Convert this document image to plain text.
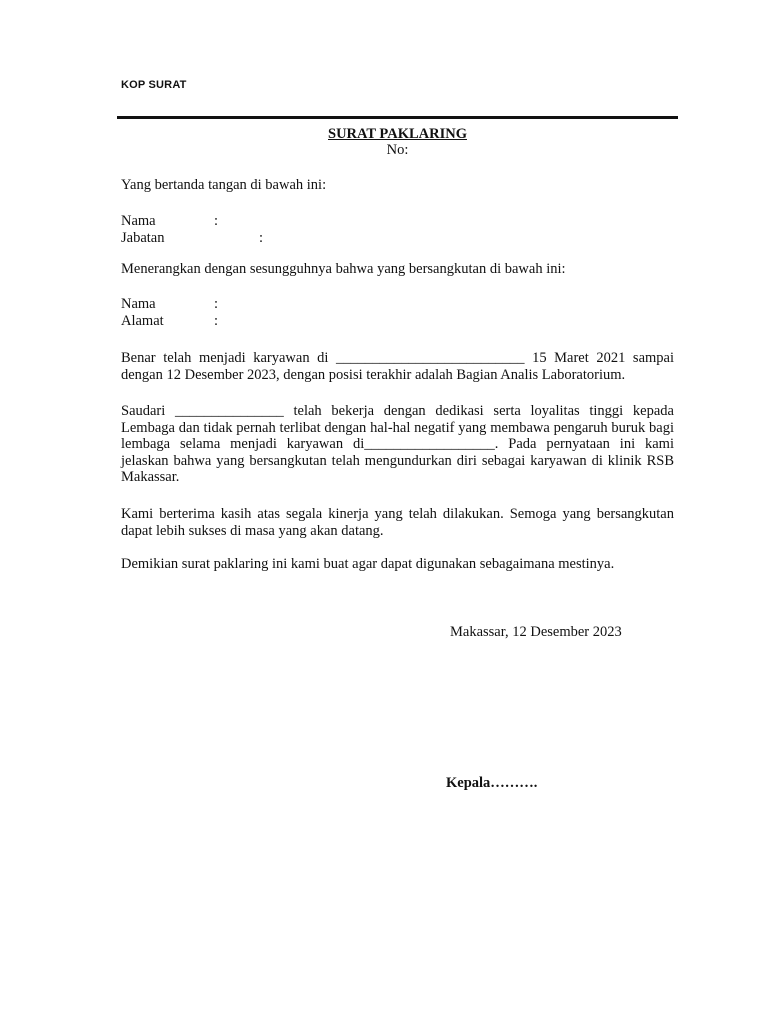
KOP SURAT
SURAT PAKLARING
No:
Yang bertanda tangan di bawah ini:
Nama	:
Jabatan	:
Menerangkan dengan sesungguhnya bahwa yang bersangkutan di bawah ini:
Nama	:
Alamat	:
Benar telah menjadi karyawan di __________________________ 15 Maret 2021 sampai dengan 12 Desember 2023, dengan posisi terakhir adalah Bagian Analis Laboratorium.
Saudari _______________ telah bekerja dengan dedikasi serta loyalitas tinggi kepada Lembaga dan tidak pernah terlibat dengan hal-hal negatif yang membawa pengaruh buruk bagi lembaga selama menjadi karyawan di__________________. Pada pernyataan ini kami jelaskan bahwa yang bersangkutan telah mengundurkan diri sebagai karyawan di klinik RSB Makassar.
Kami berterima kasih atas segala kinerja yang telah dilakukan. Semoga yang bersangkutan dapat lebih sukses di masa yang akan datang.
Demikian surat paklaring ini kami buat agar dapat digunakan sebagaimana mestinya.
Makassar, 12 Desember 2023
Kepala……….
